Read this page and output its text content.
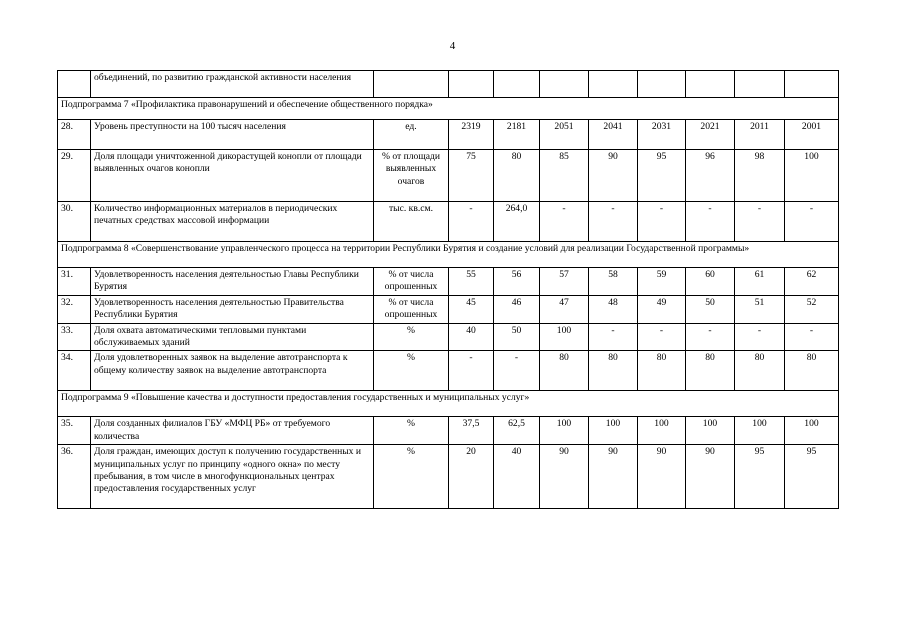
4
	объединений, по развитию гражданской активности населения									
Подпрограмма 7 «Профилактика правонарушений и обеспечение общественного порядка»										
28.	Уровень преступности на 100 тысяч населения	ед.	2319	2181	2051	2041	2031	2021	2011	2001
29.	Доля площади уничтоженной дикорастущей конопли от площади выявленных очагов конопли	% от площади выявленных очагов	75	80	85	90	95	96	98	100
30.	Количество информационных материалов в периодических печатных средствах массовой информации	тыс. кв.см.	-	264,0	-	-	-	-	-	-
Подпрограмма 8 «Совершенствование управленческого процесса на территории Республики Бурятия и создание условий для реализации Государственной программы»										
31.	Удовлетворенность населения деятельностью Главы Республики Бурятия	% от числа опрошенных	55	56	57	58	59	60	61	62
32.	Удовлетворенность населения деятельностью Правительства Республики Бурятия	% от числа опрошенных	45	46	47	48	49	50	51	52
33.	Доля охвата автоматическими тепловыми пунктами обслуживаемых зданий	%	40	50	100	-	-	-	-	-
34.	Доля удовлетворенных заявок на выделение автотранспорта к общему количеству заявок на выделение автотранспорта	%	-	-	80	80	80	80	80	80
Подпрограмма 9 «Повышение качества и доступности предоставления государственных и муниципальных услуг»										
35.	Доля созданных филиалов ГБУ «МФЦ РБ» от требуемого количества	%	37,5	62,5	100	100	100	100	100	100
36.	Доля граждан, имеющих доступ к получению государственных и муниципальных услуг по принципу «одного окна» по месту пребывания, в том числе в многофункциональных центрах предоставления государственных услуг	%	20	40	90	90	90	90	95	95
